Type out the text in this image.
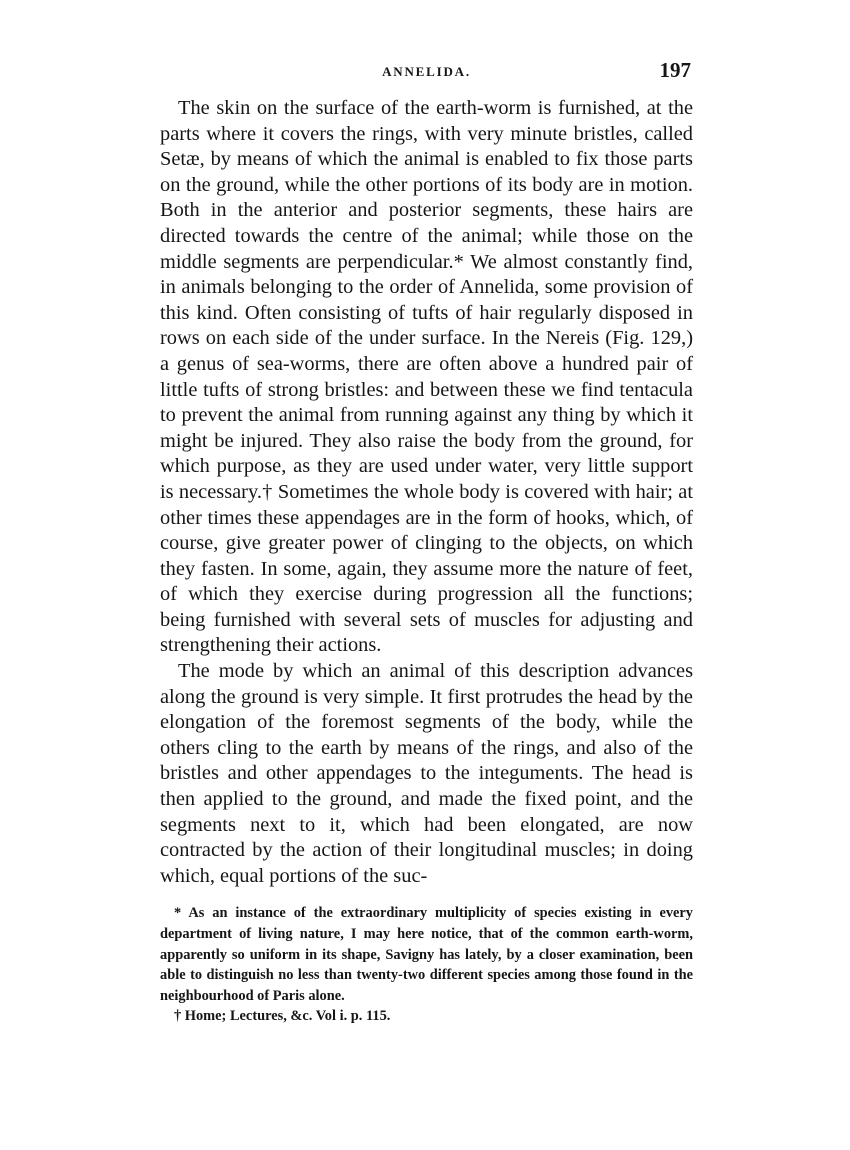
ANNELIDA.	197

The skin on the surface of the earth-worm is furnished, at the parts where it covers the rings, with very minute bristles, called Setæ, by means of which the animal is enabled to fix those parts on the ground, while the other portions of its body are in motion. Both in the anterior and posterior segments, these hairs are directed towards the centre of the animal; while those on the middle segments are perpendicular.* We almost constantly find, in animals belonging to the order of Annelida, some provision of this kind. Often consisting of tufts of hair regularly disposed in rows on each side of the under surface. In the Nereis (Fig. 129,) a genus of sea-worms, there are often above a hundred pair of little tufts of strong bristles: and between these we find tentacula to prevent the animal from running against any thing by which it might be injured. They also raise the body from the ground, for which purpose, as they are used under water, very little support is necessary.† Sometimes the whole body is covered with hair; at other times these appendages are in the form of hooks, which, of course, give greater power of clinging to the objects, on which they fasten. In some, again, they assume more the nature of feet, of which they exercise during progression all the functions; being furnished with several sets of muscles for adjusting and strengthening their actions.

The mode by which an animal of this description advances along the ground is very simple. It first protrudes the head by the elongation of the foremost segments of the body, while the others cling to the earth by means of the rings, and also of the bristles and other appendages to the integuments. The head is then applied to the ground, and made the fixed point, and the segments next to it, which had been elongated, are now contracted by the action of their longitudinal muscles; in doing which, equal portions of the suc-

* As an instance of the extraordinary multiplicity of species existing in every department of living nature, I may here notice, that of the common earth-worm, apparently so uniform in its shape, Savigny has lately, by a closer examination, been able to distinguish no less than twenty-two different species among those found in the neighbourhood of Paris alone.

† Home; Lectures, &c. Vol i. p. 115.
